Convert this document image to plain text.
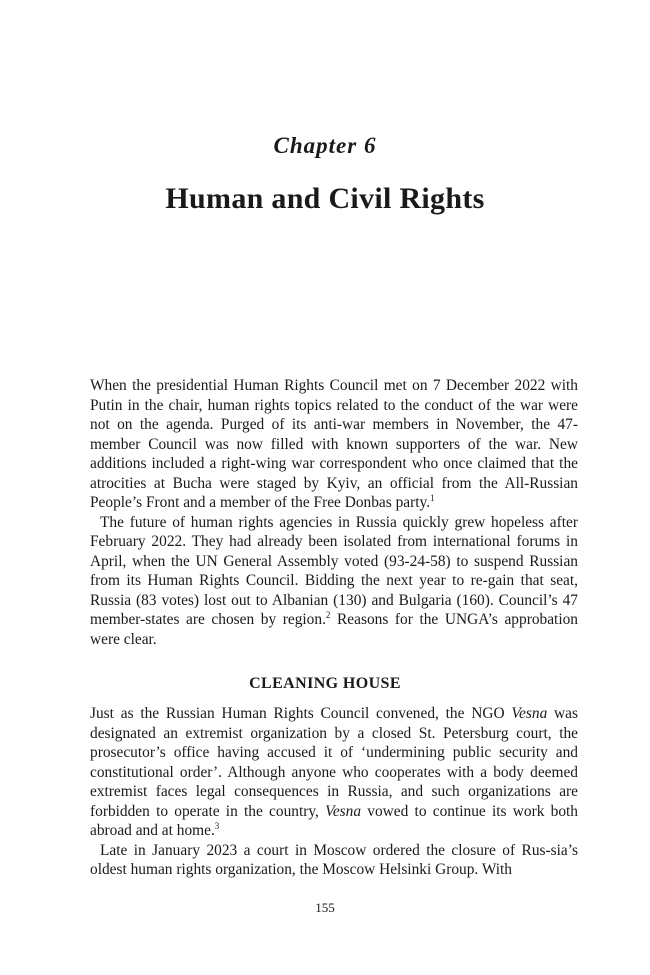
Chapter 6
Human and Civil Rights

When the presidential Human Rights Council met on 7 December 2022 with Putin in the chair, human rights topics related to the conduct of the war were not on the agenda. Purged of its anti-war members in November, the 47-member Council was now filled with known supporters of the war. New additions included a right-wing war correspondent who once claimed that the atrocities at Bucha were staged by Kyiv, an official from the All-Russian People’s Front and a member of the Free Donbas party.$^1$

The future of human rights agencies in Russia quickly grew hopeless after February 2022. They had already been isolated from international forums in April, when the UN General Assembly voted (93-24-58) to suspend Russian from its Human Rights Council. Bidding the next year to re-gain that seat, Russia (83 votes) lost out to Albanian (130) and Bulgaria (160). Council’s 47 member-states are chosen by region.$^2$ Reasons for the UNGA’s approbation were clear.

CLEANING HOUSE

Just as the Russian Human Rights Council convened, the NGO Vesna was designated an extremist organization by a closed St. Petersburg court, the prosecutor’s office having accused it of ‘undermining public security and constitutional order’. Although anyone who cooperates with a body deemed extremist faces legal consequences in Russia, and such organizations are forbidden to operate in the country, Vesna vowed to continue its work both abroad and at home.$^3$

Late in January 2023 a court in Moscow ordered the closure of Rus-sia’s oldest human rights organization, the Moscow Helsinki Group. With

155
